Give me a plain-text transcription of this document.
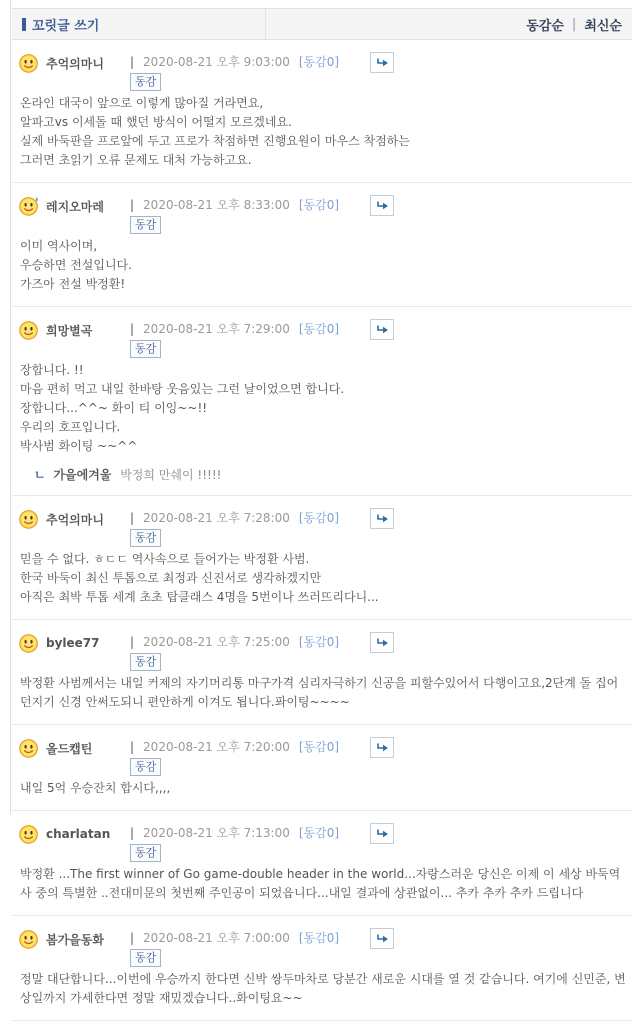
꼬릿글 쓰기	동감순 | 최신순
추억의마니 | 2020-08-21 오후 9:03:00 [동감0]
동감
온라인 대국이 앞으로 이렇게 많아질 거라면요,
알파고vs 이세돌 때 했던 방식이 어떨지 모르겠네요.
실제 바둑판을 프로앞에 두고 프로가 착점하면 진행요원이 마우스 착점하는
그러면 초읽기 오류 문제도 대처 가능하고요.
레지오마레 | 2020-08-21 오후 8:33:00 [동감0]
동감
이미 역사이며,
우승하면 전설입니다.
가즈아 전설 박정환!
희망별곡	| 2020-08-21 오후 7:29:00 [동감0]
동감
장합니다. !!
마음 편히 먹고 내일 한바탕 웃음있는 그런 날이었으면 합니다.
장합니다...^^~ 화이 티 이잉~~!!
우리의 호프입니다.
박사범 화이팅 ~~^^
ㄴ 가을에겨울 박정희 만쉐이 !!!!!
추억의마니 | 2020-08-21 오후 7:28:00 [동감0]
동감
믿을 수 없다. ㅎㄷㄷ 역사속으로 들어가는 박정환 사범.
한국 바둑이 최신 투톱으로 최정과 신진서로 생각하겠지만
아직은 최박 투톱 세계 초초 탑클래스 4명을 5번이나 쓰러뜨리다니...
bylee77	| 2020-08-21 오후 7:25:00 [동감0]
동감
박정환 사범께서는 내일 커제의 자기머리통 마구가격 심리자극하기 신공을 피할수있어서 다행이고요,2단계 돌 집어던지기 신경 안써도되니 편안하게 이겨도 됩니다.퐈이팅~~~~
올드캡틴	| 2020-08-21 오후 7:20:00 [동감0]
동감
내일 5억 우승잔치 합시다,,,,
charlatan | 2020-08-21 오후 7:13:00 [동감0]
동감
박정환 ...The first winner of Go game-double header in the world...자랑스러운 당신은 이제 이 세상 바둑역사 중의 특별한 ..전대미문의 첫번째 주인공이 되었읍니다...내일 결과에 상관없이... 추카 추카 추카 드립니다
봄가을동화 | 2020-08-21 오후 7:00:00 [동감0]
동감
정말 대단합니다...이번에 우승까지 한다면 신박 쌍두마차로 당분간 새로운 시대를 열 것 같습니다. 여기에 신민준, 변상일까지 가세한다면 정말 재밌겠습니다..화이팅요~~
